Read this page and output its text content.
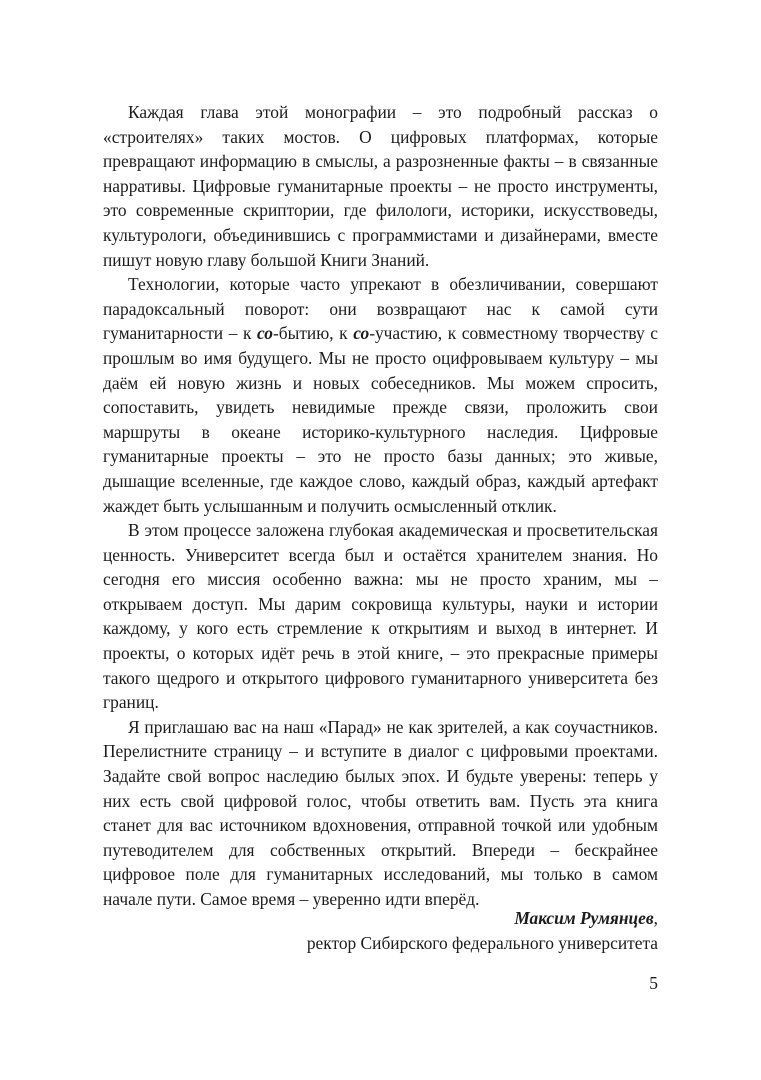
Каждая глава этой монографии – это подробный рассказ о «строителях» таких мостов. О цифровых платформах, которые превращают информацию в смыслы, а разрозненные факты – в связанные нарративы. Цифровые гуманитарные проекты – не просто инструменты, это современные скриптории, где филологи, историки, искусствоведы, культурологи, объединившись с программистами и дизайнерами, вместе пишут новую главу большой Книги Знаний.

Технологии, которые часто упрекают в обезличивании, совершают парадоксальный поворот: они возвращают нас к самой сути гуманитарности – к со-бытию, к со-участию, к совместному творчеству с прошлым во имя будущего. Мы не просто оцифровываем культуру – мы даём ей новую жизнь и новых собеседников. Мы можем спросить, сопоставить, увидеть невидимые прежде связи, проложить свои маршруты в океане историко-культурного наследия. Цифровые гуманитарные проекты – это не просто базы данных; это живые, дышащие вселенные, где каждое слово, каждый образ, каждый артефакт жаждет быть услышанным и получить осмысленный отклик.

В этом процессе заложена глубокая академическая и просветительская ценность. Университет всегда был и остаётся хранителем знания. Но сегодня его миссия особенно важна: мы не просто храним, мы – открываем доступ. Мы дарим сокровища культуры, науки и истории каждому, у кого есть стремление к открытиям и выход в интернет. И проекты, о которых идёт речь в этой книге, – это прекрасные примеры такого щедрого и открытого цифрового гуманитарного университета без границ.

Я приглашаю вас на наш «Парад» не как зрителей, а как соучастников. Перелистните страницу – и вступите в диалог с цифровыми проектами. Задайте свой вопрос наследию былых эпох. И будьте уверены: теперь у них есть свой цифровой голос, чтобы ответить вам. Пусть эта книга станет для вас источником вдохновения, отправной точкой или удобным путеводителем для собственных открытий. Впереди – бескрайнее цифровое поле для гуманитарных исследований, мы только в самом начале пути. Самое время – уверенно идти вперёд.

Максим Румянцев,
ректор Сибирского федерального университета
5
